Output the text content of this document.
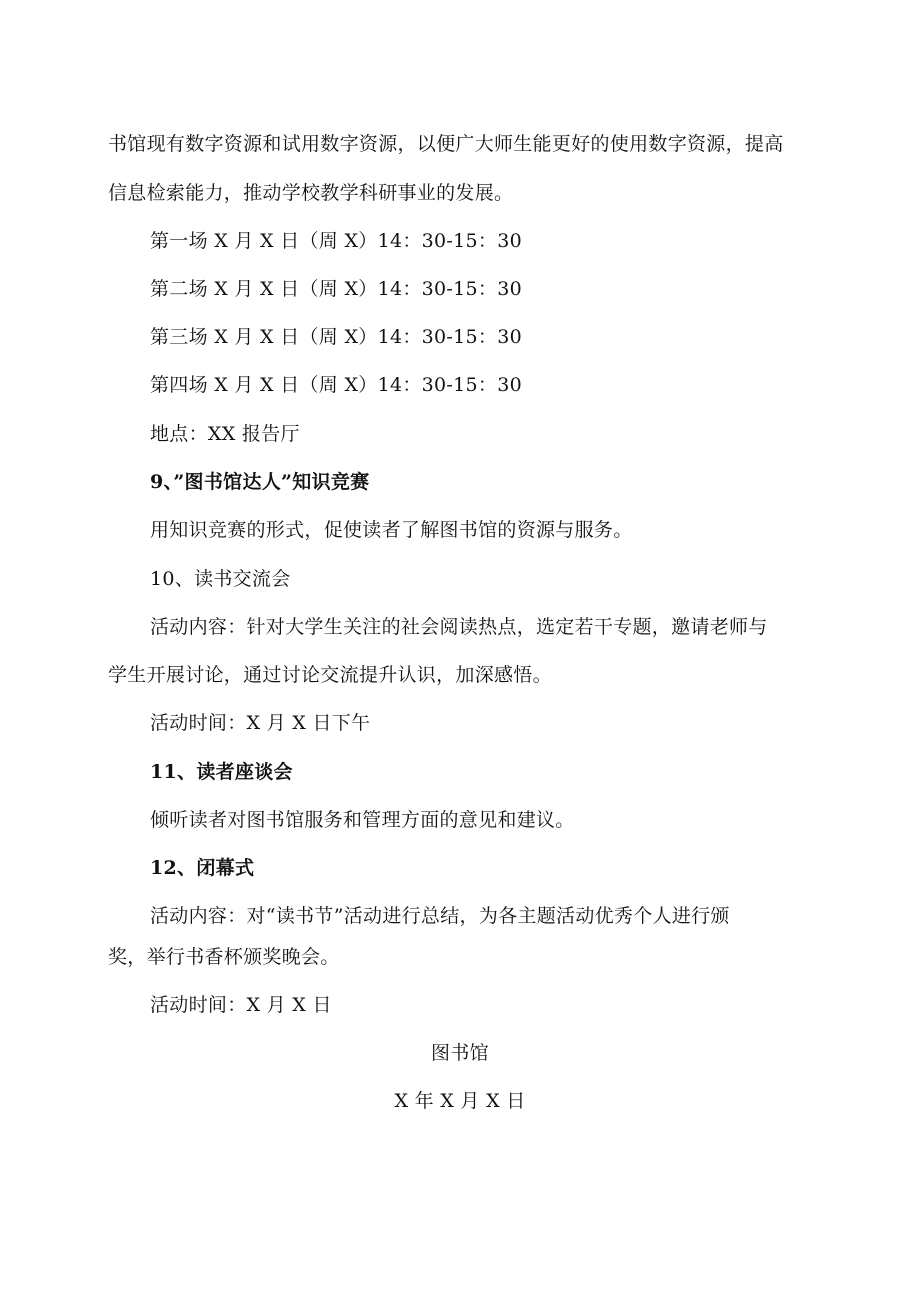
书馆现有数字资源和试用数字资源，以便广大师生能更好的使用数字资源，提高
信息检索能力，推动学校教学科研事业的发展。
第一场 X 月 X 日（周 X）14：30-15：30
第二场 X 月 X 日（周 X）14：30-15：30
第三场 X 月 X 日（周 X）14：30-15：30
第四场 X 月 X 日（周 X）14：30-15：30
地点：XX 报告厅
9、”图书馆达人”知识竞赛
用知识竞赛的形式，促使读者了解图书馆的资源与服务。
10、读书交流会
活动内容：针对大学生关注的社会阅读热点，选定若干专题，邀请老师与
学生开展讨论，通过讨论交流提升认识，加深感悟。
活动时间：X 月 X 日下午
11、读者座谈会
倾听读者对图书馆服务和管理方面的意见和建议。
12、闭幕式
活动内容：对“读书节”活动进行总结，为各主题活动优秀个人进行颁
奖，举行书香杯颁奖晚会。
活动时间：X 月 X 日
图书馆
X 年 X 月 X 日
